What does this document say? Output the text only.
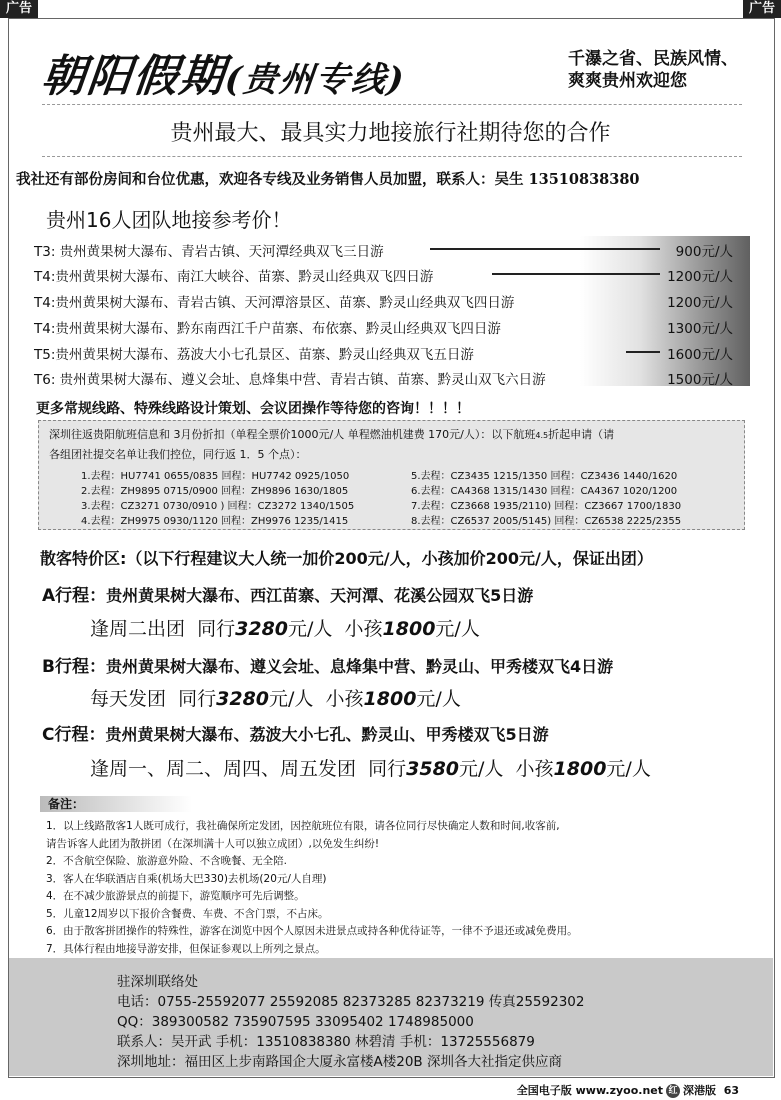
广告	广告
朝阳假期(贵州专线)
千瀑之省、民族风情、
爽爽贵州欢迎您
贵州最大、最具实力地接旅行社期待您的合作
我社还有部份房间和台位优惠，欢迎各专线及业务销售人员加盟，联系人：吴生 13510838380
贵州16人团队地接参考价！
T3: 贵州黄果树大瀑布、青岩古镇、天河潭经典双飞三日游	900元/人
T4:贵州黄果树大瀑布、南江大峡谷、苗寨、黔灵山经典双飞四日游	1200元/人
T4:贵州黄果树大瀑布、青岩古镇、天河潭溶景区、苗寨、黔灵山经典双飞四日游	1200元/人
T4:贵州黄果树大瀑布、黔东南西江千户苗寨、布依寨、黔灵山经典双飞四日游	1300元/人
T5:贵州黄果树大瀑布、荔波大小七孔景区、苗寨、黔灵山经典双飞五日游	1600元/人
T6: 贵州黄果树大瀑布、遵义会址、息烽集中营、青岩古镇、苗寨、黔灵山双飞六日游	1500元/人
更多常规线路、特殊线路设计策划、会议团操作等待您的咨询！！！！
深圳往返贵阳航班信息和 3月份折扣（单程全票价1000元/人 单程燃油机建费 170元/人）：以下航班4.5折起申请（请
各组团社提交名单让我们控位，同行返 1．5 个点）：
1.去程：HU7741 0655/0835 回程：HU7742 0925/1050
2.去程：ZH9895 0715/0900 回程：ZH9896 1630/1805
3.去程：CZ3271 0730/0910 ) 回程：CZ3272 1340/1505
4.去程：ZH9975 0930/1120 回程：ZH9976 1235/1415
5.去程：CZ3435 1215/1350 回程：CZ3436 1440/1620
6.去程：CA4368 1315/1430 回程：CA4367 1020/1200
7.去程：CZ3668 1935/2110) 回程：CZ3667 1700/1830
8.去程：CZ6537 2005/5145) 回程：CZ6538 2225/2355
散客特价区:（以下行程建议大人统一加价200元/人，小孩加价200元/人，保证出团）
A行程：贵州黄果树大瀑布、西江苗寨、天河潭、花溪公园双飞5日游
逢周二出团 同行3280元/人 小孩1800元/人
B行程：贵州黄果树大瀑布、遵义会址、息烽集中营、黔灵山、甲秀楼双飞4日游
每天发团 同行3280元/人 小孩1800元/人
C行程：贵州黄果树大瀑布、荔波大小七孔、黔灵山、甲秀楼双飞5日游
逢周一、周二、周四、周五发团 同行3580元/人 小孩1800元/人
备注：
1．以上线路散客1人既可成行，我社确保所定发团，因控航班位有限，请各位同行尽快确定人数和时间,收客前,
请告诉客人此团为散拼团（在深圳满十人可以独立成团）,以免发生纠纷!
2．不含航空保险、旅游意外险、不含晚餐、无全陪.
3．客人在华联酒店自乘(机场大巴330)去机场(20元/人自理)
4．在不减少旅游景点的前提下，游览顺序可先后调整。
5．儿童12周岁以下报价含餐费、车费、不含门票，不占床。
6．由于散客拼团操作的特殊性，游客在浏览中因个人原因未进景点或持各种优待证等，一律不予退还或减免费用。
7．具体行程由地接导游安排，但保证参观以上所列之景点。
驻深圳联络处
电话：0755-25592077 25592085 82373285 82373219 传真25592302
QQ：389300582 735907595 33095402 1748985000
联系人：吴开武 手机：13510838380 林碧清 手机：13725556879
深圳地址：福田区上步南路国企大厦永富楼A楼20B 深圳各大社指定供应商
全国电子版 www.zyoo.net 红 深港版 63
